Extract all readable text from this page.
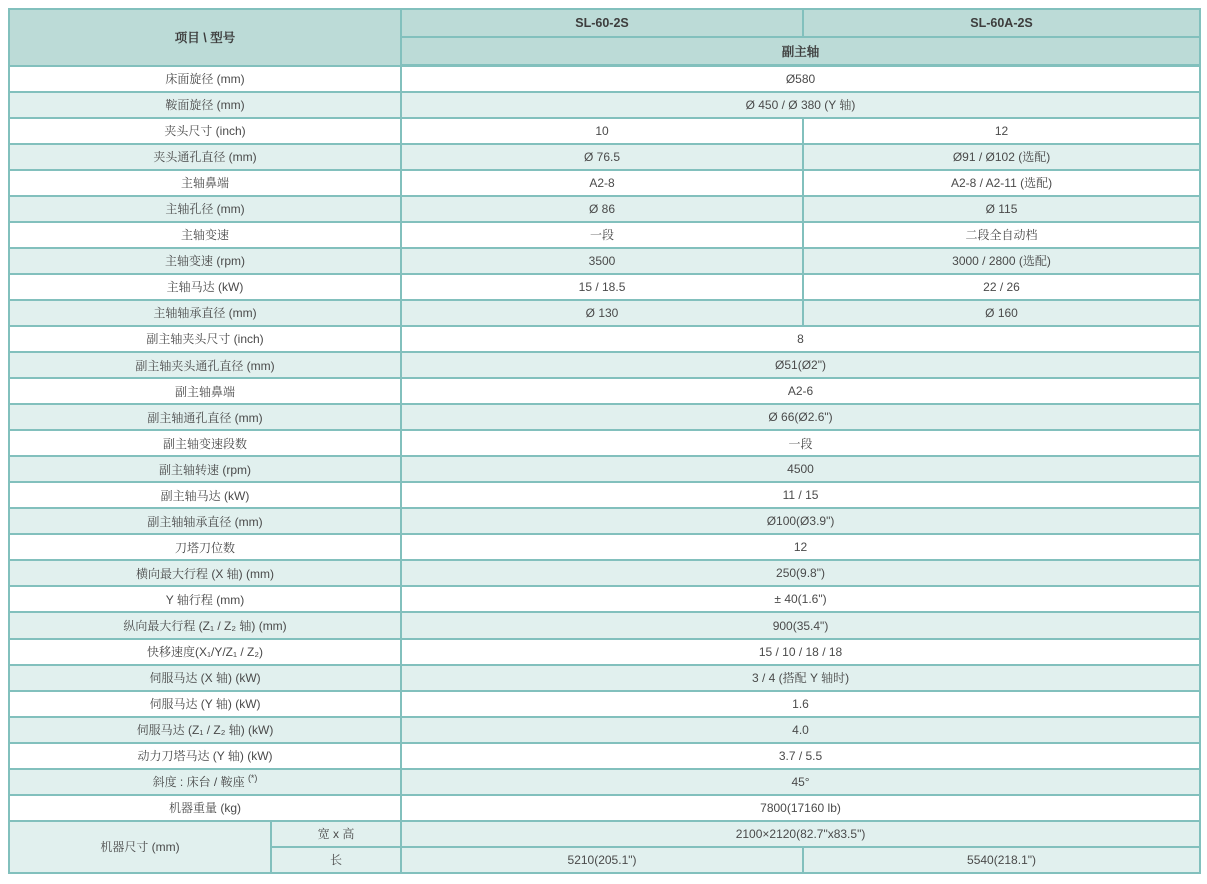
项目 \ 型号		SL-60-2S	SL-60A-2S
		副主轴	
床面旋径 (mm)		Ø580	
鞍面旋径 (mm)		Ø 450 / Ø 380 (Y 轴)	
夹头尺寸 (inch)		10	12
夹头通孔直径 (mm)		Ø 76.5	Ø91 / Ø102 (选配)
主轴鼻端		A2-8	A2-8 / A2-11 (选配)
主轴孔径 (mm)		Ø 86	Ø 115
主轴变速		一段	二段全自动档
主轴变速 (rpm)		3500	3000 / 2800 (选配)
主轴马达 (kW)		15 / 18.5	22 / 26
主轴轴承直径 (mm)		Ø 130	Ø 160
副主轴夹头尺寸 (inch)		8	
副主轴夹头通孔直径 (mm)		Ø51(Ø2")	
副主轴鼻端		A2-6	
副主轴通孔直径 (mm)		Ø 66(Ø2.6")	
副主轴变速段数		一段	
副主轴转速 (rpm)		4500	
副主轴马达 (kW)		11 / 15	
副主轴轴承直径 (mm)		Ø100(Ø3.9")	
刀塔刀位数		12	
横向最大行程 (X 轴) (mm)		250(9.8")	
Y 轴行程 (mm)		± 40(1.6")	
纵向最大行程 (Z₁ / Z₂ 轴) (mm)		900(35.4")	
快移速度(X₁/Y/Z₁ / Z₂)		15 / 10 / 18 / 18	
伺服马达 (X 轴) (kW)		3 / 4 (搭配 Y 轴时)	
伺服马达 (Y 轴) (kW)		1.6	
伺服马达 (Z₁ / Z₂ 轴) (kW)		4.0	
动力刀塔马达 (Y 轴) (kW)		3.7 / 5.5	
斜度 : 床台 / 鞍座 (*)		45°	
机器重量 (kg)		7800(17160 lb)	
机器尺寸 (mm)	宽 x 高	2100×2120(82.7"x83.5")	
	长	5210(205.1")	5540(218.1")
